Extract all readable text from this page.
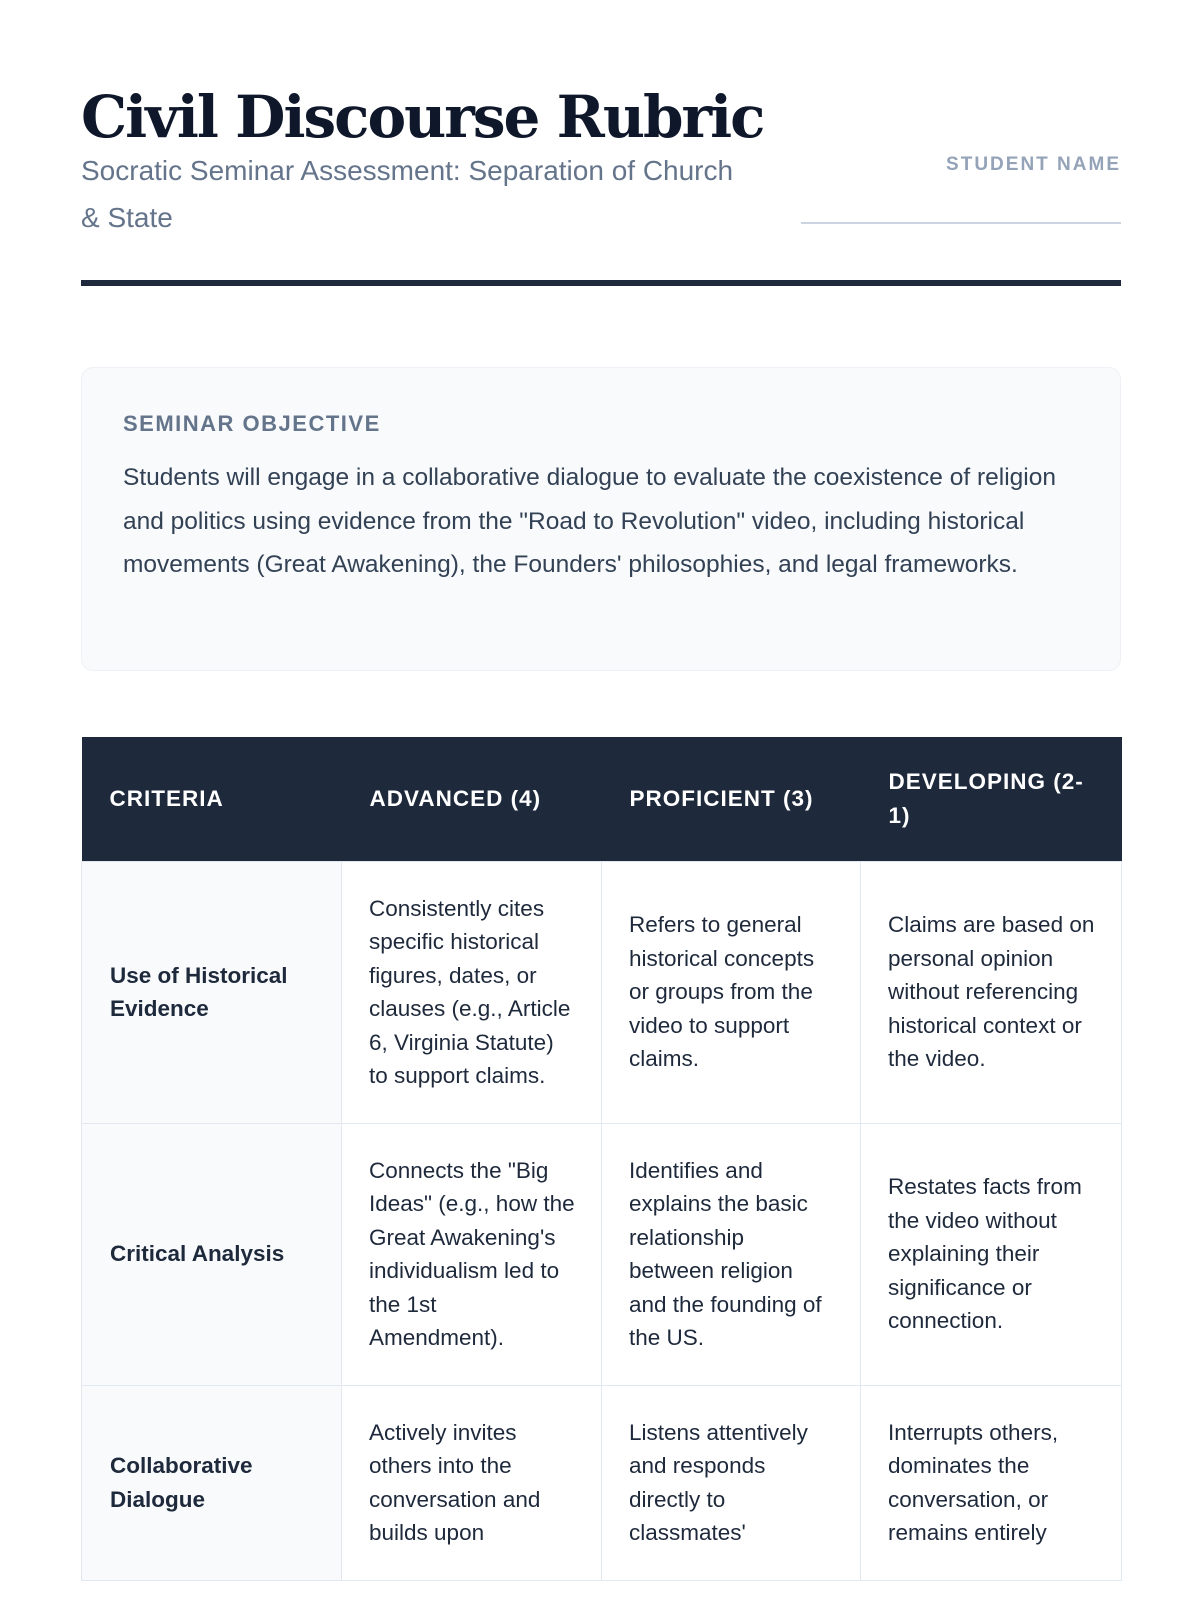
Civil Discourse Rubric
Socratic Seminar Assessment: Separation of Church & State
STUDENT NAME
SEMINAR OBJECTIVE

Students will engage in a collaborative dialogue to evaluate the coexistence of religion and politics using evidence from the "Road to Revolution" video, including historical movements (Great Awakening), the Founders' philosophies, and legal frameworks.

CRITERIA	ADVANCED (4)	PROFICIENT (3)	DEVELOPING (2-1)
Use of Historical Evidence	Consistently cites specific historical figures, dates, or clauses (e.g., Article 6, Virginia Statute) to support claims.	Refers to general historical concepts or groups from the video to support claims.	Claims are based on personal opinion without referencing historical context or the video.
Critical Analysis	Connects the "Big Ideas" (e.g., how the Great Awakening's individualism led to the 1st Amendment).	Identifies and explains the basic relationship between religion and the founding of the US.	Restates facts from the video without explaining their significance or connection.
Collaborative Dialogue	Actively invites others into the conversation and builds upon	Listens attentively and responds directly to classmates'	Interrupts others, dominates the conversation, or remains entirely
